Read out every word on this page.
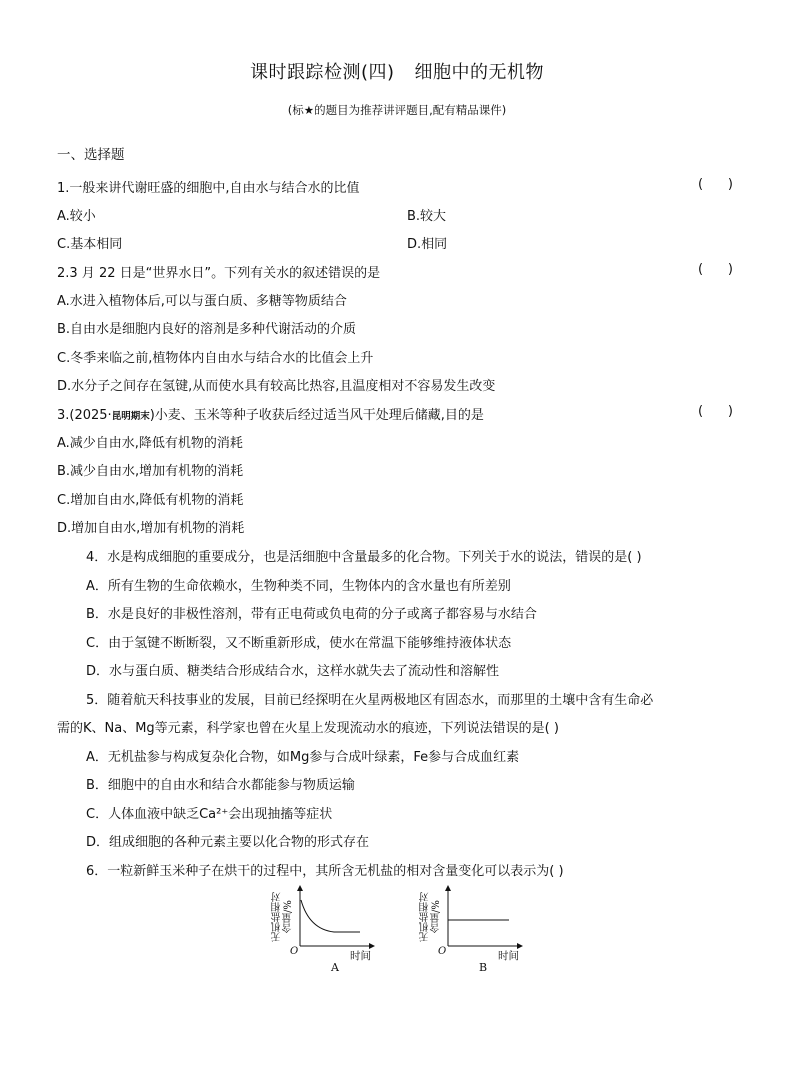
课时跟踪检测(四) 细胞中的无机物
(标★的题目为推荐讲评题目,配有精品课件)
一、选择题
1.一般来讲代谢旺盛的细胞中,自由水与结合水的比值	(      )
A.较小	B.较大
C.基本相同	D.相同
2.3 月 22 日是“世界水日”。下列有关水的叙述错误的是	(      )
A.水进入植物体后,可以与蛋白质、多糖等物质结合
B.自由水是细胞内良好的溶剂是多种代谢活动的介质
C.冬季来临之前,植物体内自由水与结合水的比值会上升
D.水分子之间存在氢键,从而使水具有较高比热容,且温度相对不容易发生改变
3.(2025·昆明期末)小麦、玉米等种子收获后经过适当风干处理后储藏,目的是	(      )
A.减少自由水,降低有机物的消耗
B.减少自由水,增加有机物的消耗
C.增加自由水,降低有机物的消耗
D.增加自由水,增加有机物的消耗
4．水是构成细胞的重要成分，也是活细胞中含量最多的化合物。下列关于水的说法，错误的是( )
A．所有生物的生命依赖水，生物种类不同，生物体内的含水量也有所差别
B．水是良好的非极性溶剂，带有正电荷或负电荷的分子或离子都容易与水结合
C．由于氢键不断断裂，又不断重新形成，使水在常温下能够维持液体状态
D．水与蛋白质、糖类结合形成结合水，这样水就失去了流动性和溶解性
5．随着航天科技事业的发展，目前已经探明在火星两极地区有固态水，而那里的土壤中含有生命必
需的K、Na、Mg等元素，科学家也曾在火星上发现流动水的痕迹，下列说法错误的是( )
A．无机盐参与构成复杂化合物，如Mg参与合成叶绿素，Fe参与合成血红素
B．细胞中的自由水和结合水都能参与物质运输
C．人体血液中缺乏Ca²⁺会出现抽搐等症状
D．组成细胞的各种元素主要以化合物的形式存在
6．一粒新鲜玉米种子在烘干的过程中，其所含无机盐的相对含量变化可以表示为( )
无机盐相对含量/%
O	时间
A
无机盐相对含量/%
O	时间
B
